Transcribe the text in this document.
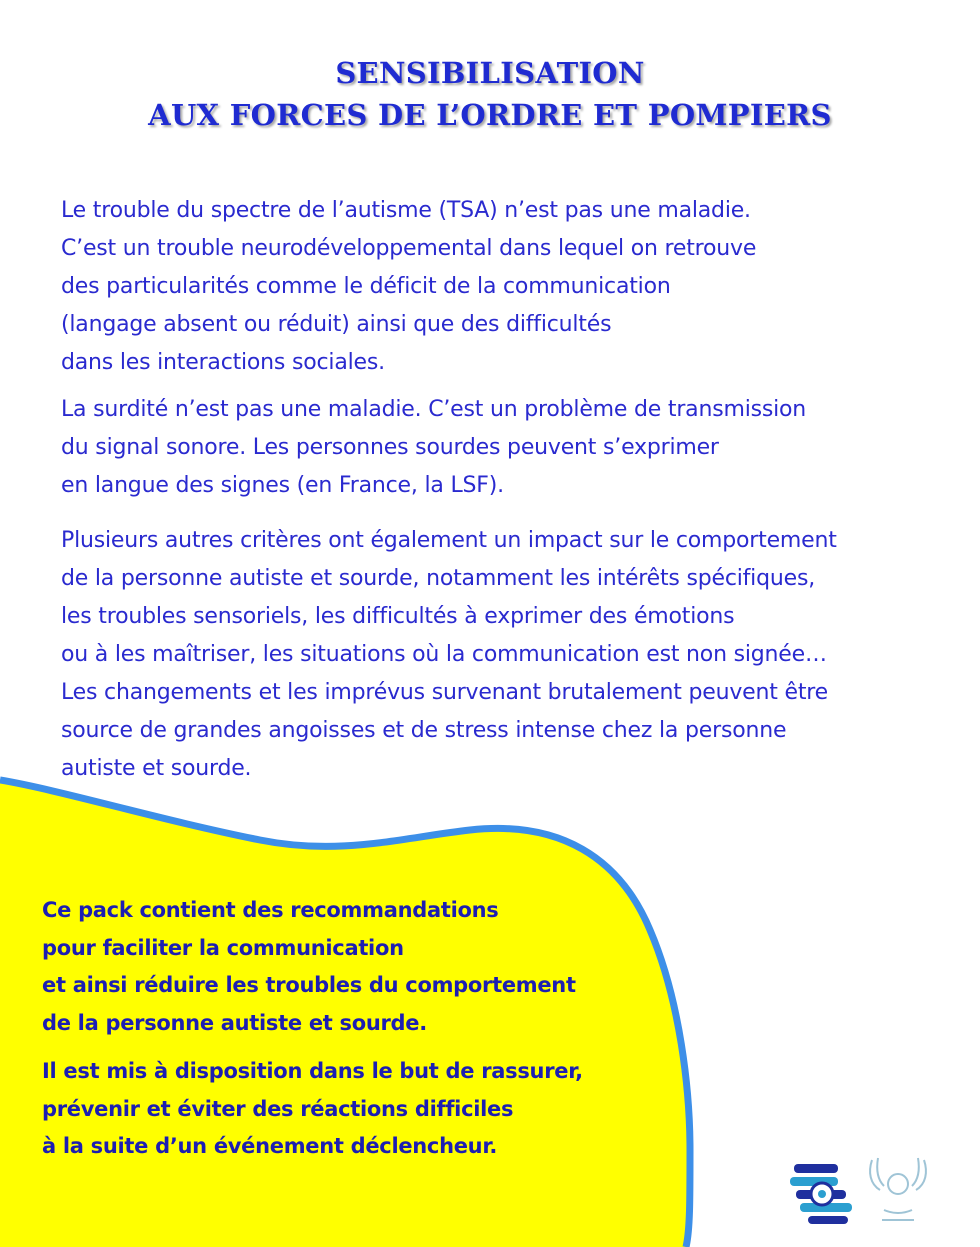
SENSIBILISATION
AUX FORCES DE L’ORDRE ET POMPIERS
Le trouble du spectre de l’autisme (TSA) n’est pas une maladie.
C’est un trouble neurodéveloppemental dans lequel on retrouve
des particularités comme le déficit de la communication
(langage absent ou réduit) ainsi que des difficultés
dans les interactions sociales.
La surdité n’est pas une maladie. C’est un problème de transmission
du signal sonore. Les personnes sourdes peuvent s’exprimer
en langue des signes (en France, la LSF).
Plusieurs autres critères ont également un impact sur le comportement
de la personne autiste et sourde, notamment les intérêts spécifiques,
les troubles sensoriels, les difficultés à exprimer des émotions
ou à les maîtriser, les situations où la communication est non signée…
Les changements et les imprévus survenant brutalement peuvent être
source de grandes angoisses et de stress intense chez la personne
autiste et sourde.
Ce pack contient des recommandations
pour faciliter la communication
et ainsi réduire les troubles du comportement
de la personne autiste et sourde.
Il est mis à disposition dans le but de rassurer,
prévenir et éviter des réactions difficiles
à la suite d’un événement déclencheur.
